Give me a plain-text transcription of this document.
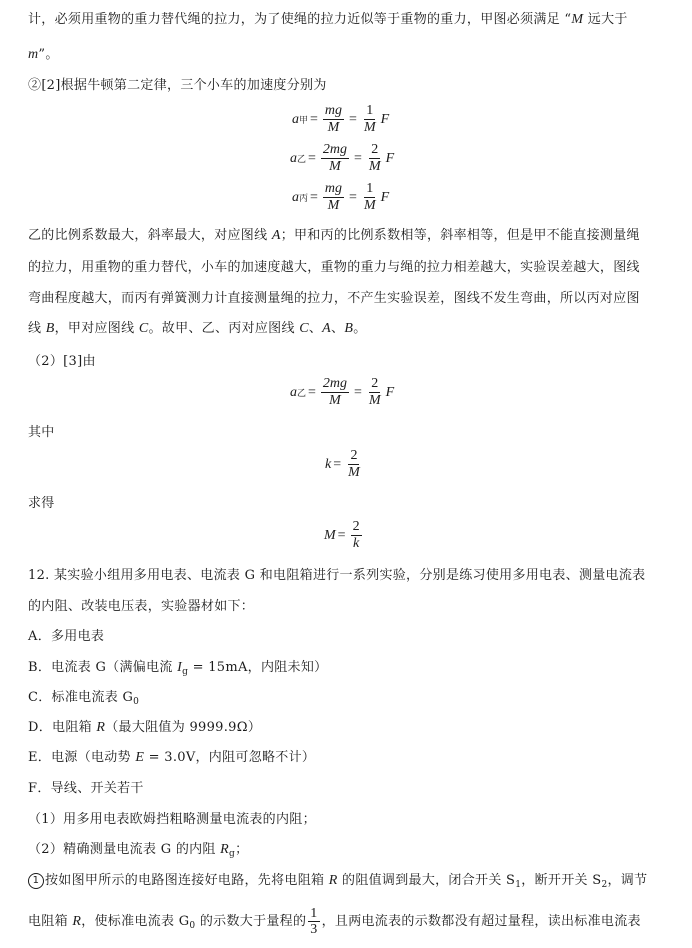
计，必须用重物的重力替代绳的拉力，为了使绳的拉力近似等于重物的重力，甲图必须满足 “M 远大于
m”。
②[2]根据牛顿第二定律，三个小车的加速度分别为
a 甲 = $\frac{mg}{M} = \frac{1}{M}$ F
a 乙 = $\frac{2mg}{M} = \frac{2}{M}$ F
a 丙 = $\frac{mg}{M} = \frac{1}{M}$ F
乙的比例系数最大，斜率最大，对应图线 A；甲和丙的比例系数相等，斜率相等，但是甲不能直接测量绳
的拉力，用重物的重力替代，小车的加速度越大，重物的重力与绳的拉力相差越大，实验误差越大，图线
弯曲程度越大，而丙有弹簧测力计直接测量绳的拉力，不产生实验误差，图线不发生弯曲，所以丙对应图
线 B，甲对应图线 C。故甲、乙、丙对应图线 C、A、B。
（2）[3]由
a 乙 = $\frac{2mg}{M} = \frac{2}{M}$ F
其中
$k = \frac{2}{M}$
求得
$M = \frac{2}{k}$
12. 某实验小组用多用电表、电流表 G 和电阻箱进行一系列实验，分别是练习使用多用电表、测量电流表
的内阻、改装电压表，实验器材如下：
A．多用电表
B．电流表 G（满偏电流 $I_g = 15mA$，内阻未知）
C．标准电流表 $G_0$
D．电阻箱 R（最大阻值为 9999.9Ω）
E．电源（电动势 E = 3.0V，内阻可忽略不计）
F．导线、开关若干
（1）用多用电表欧姆挡粗略测量电流表的内阻；
（2）精确测量电流表 G 的内阻 $R_g$；
1 按如图甲所示的电路图连接好电路，先将电阻箱 R 的阻值调到最大，闭合开关 $S_1$，断开开关 $S_2$，调节
电阻箱 R，使标准电流表 $G_0$ 的示数大于量程的 $\frac{1}{3}$ ，且两电流表的示数都没有超过量程，读出标准电流表
